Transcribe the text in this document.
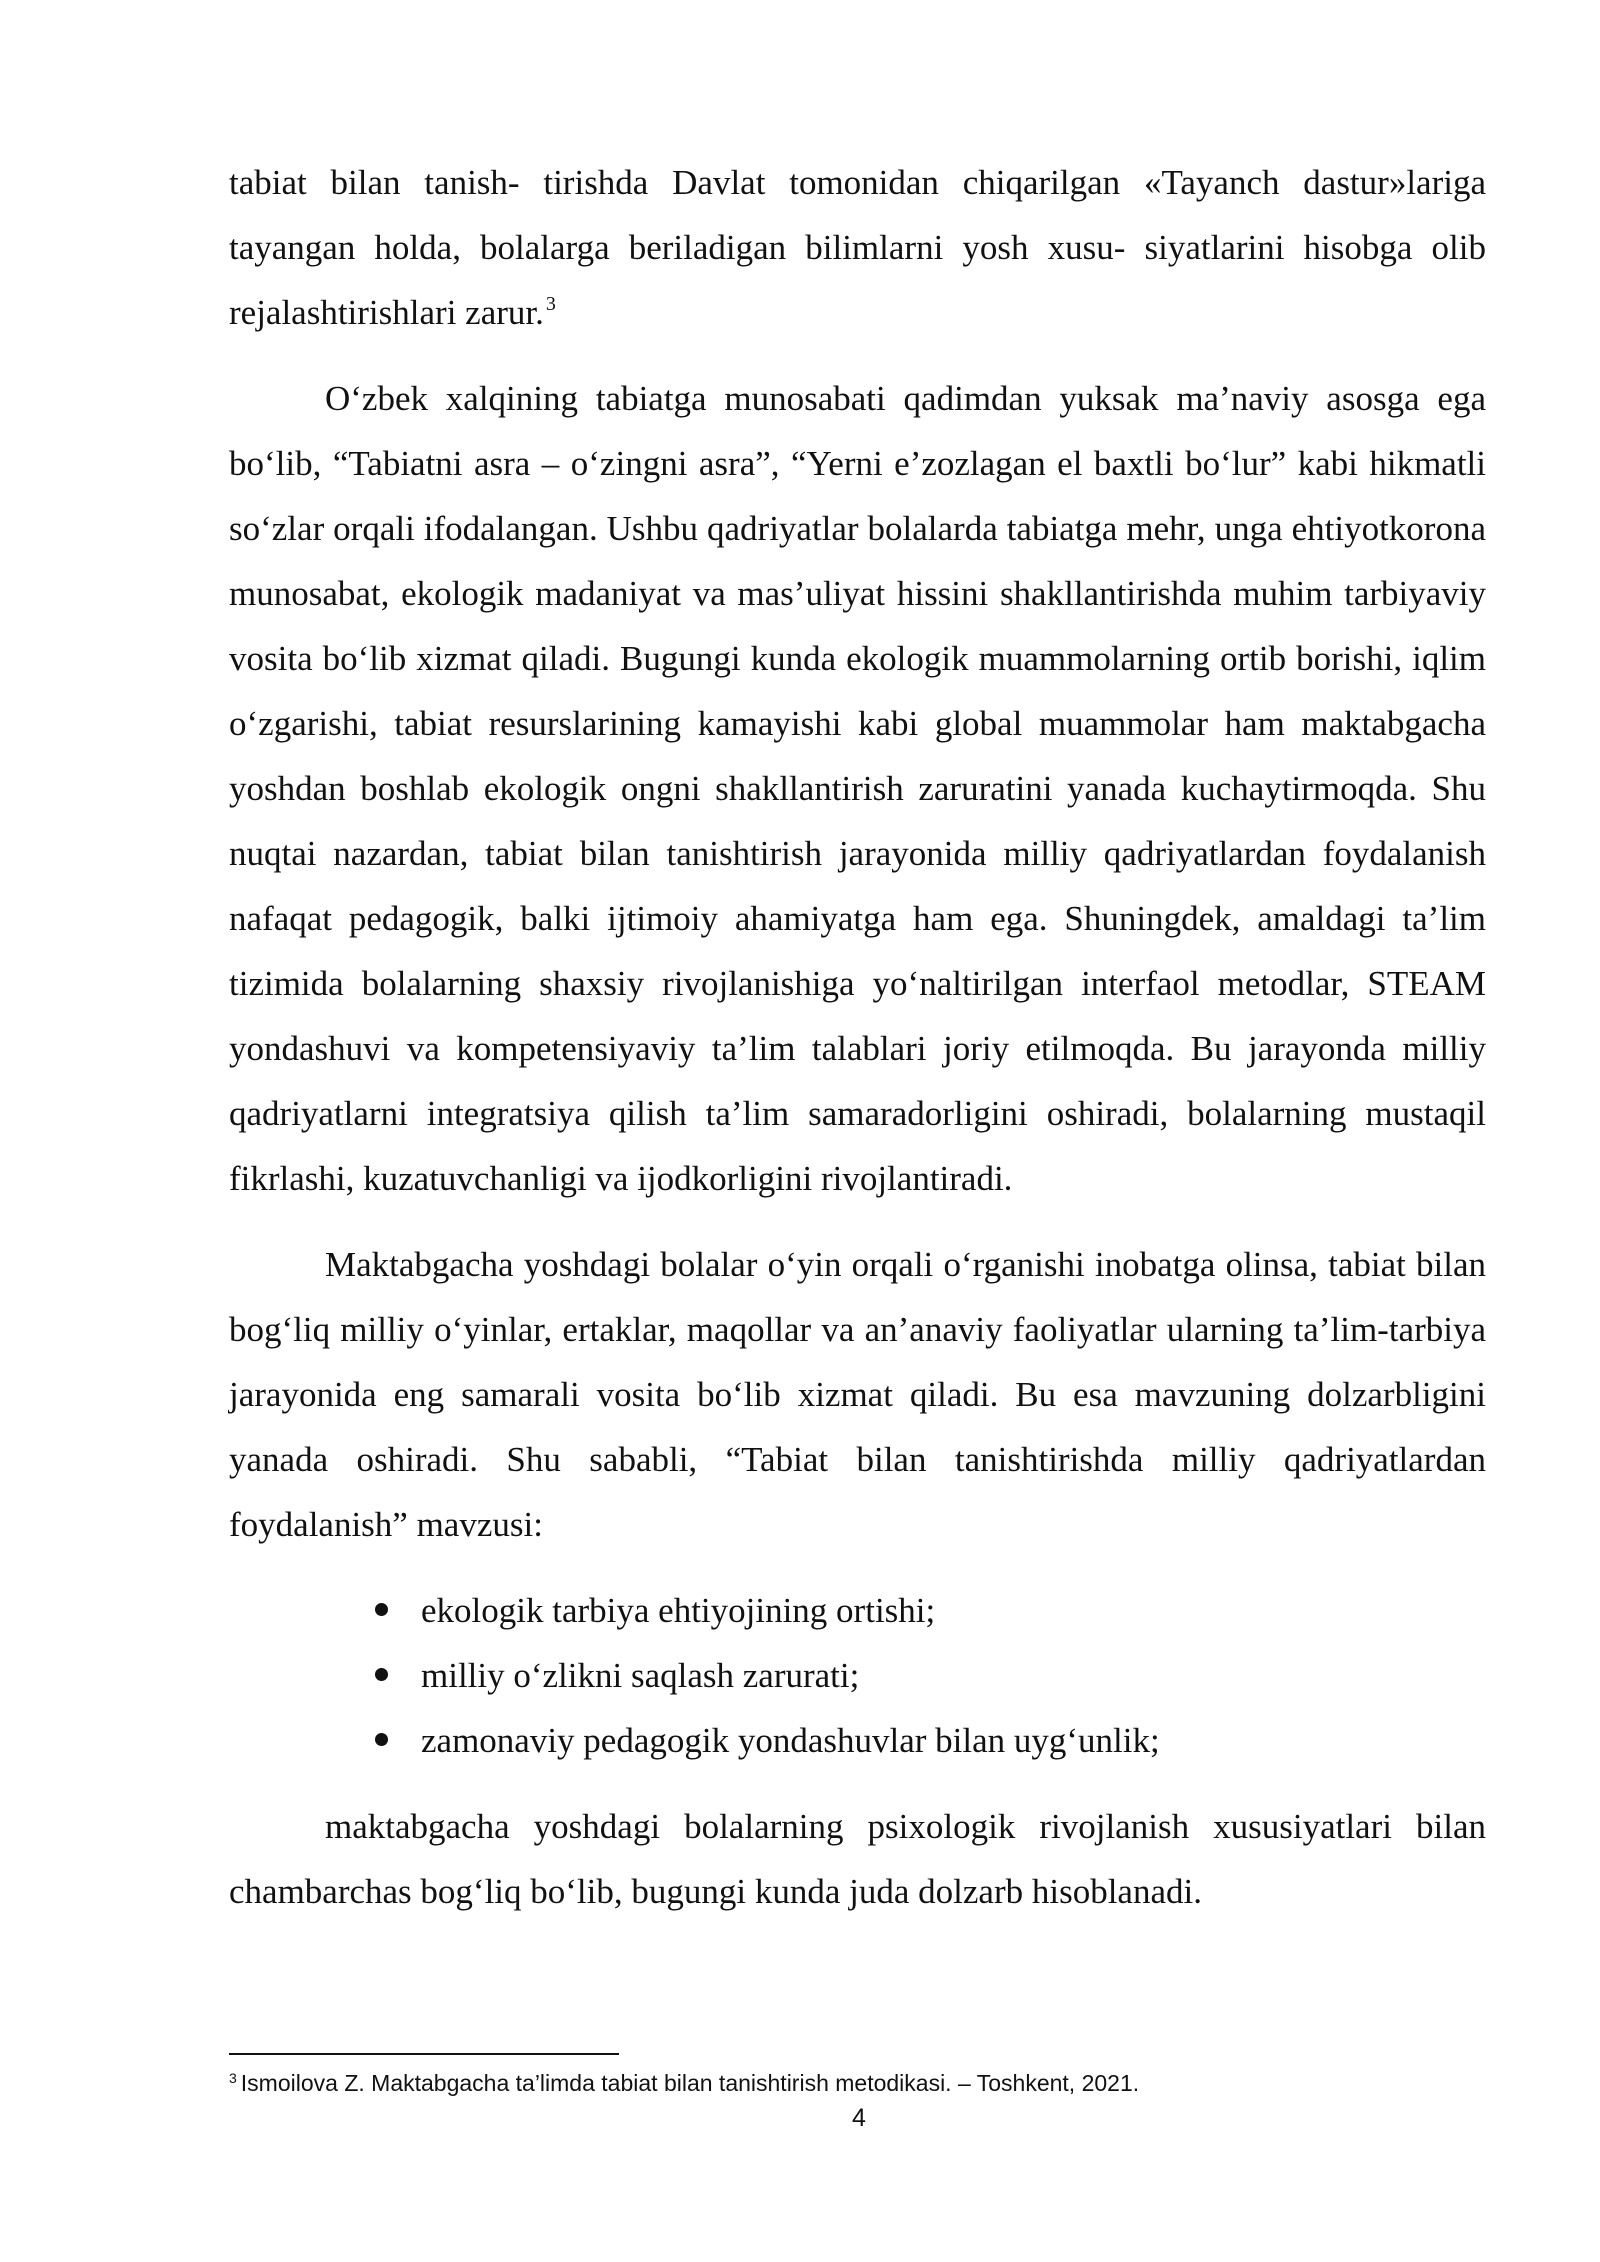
tabiat bilan tanish- tirishda Davlat tomonidan chiqarilgan «Tayanch dastur»lariga tayangan holda, bolalarga beriladigan bilimlarni yosh xusu- siyatlarini hisobga olib rejalashtirishlari zarur. $^3$

O‘zbek xalqining tabiatga munosabati qadimdan yuksak ma’naviy asosga ega bo‘lib, “Tabiatni asra – o‘zingni asra”, “Yerni e’zozlagan el baxtli bo‘lur” kabi hikmatli so‘zlar orqali ifodalangan. Ushbu qadriyatlar bolalarda tabiatga mehr, unga ehtiyotkorona munosabat, ekologik madaniyat va mas’uliyat hissini shakllantirishda muhim tarbiyaviy vosita bo‘lib xizmat qiladi. Bugungi kunda ekologik muammolarning ortib borishi, iqlim o‘zgarishi, tabiat resurslarining kamayishi kabi global muammolar ham maktabgacha yoshdan boshlab ekologik ongni shakllantirish zaruratini yanada kuchaytirmoqda. Shu nuqtai nazardan, tabiat bilan tanishtirish jarayonida milliy qadriyatlardan foydalanish nafaqat pedagogik, balki ijtimoiy ahamiyatga ham ega. Shuningdek, amaldagi ta’lim tizimida bolalarning shaxsiy rivojlanishiga yo‘naltirilgan interfaol metodlar, STEAM yondashuvi va kompetensiyaviy ta’lim talablari joriy etilmoqda. Bu jarayonda milliy qadriyatlarni integratsiya qilish ta’lim samaradorligini oshiradi, bolalarning mustaqil fikrlashi, kuzatuvchanligi va ijodkorligini rivojlantiradi.

Maktabgacha yoshdagi bolalar o‘yin orqali o‘rganishi inobatga olinsa, tabiat bilan bog‘liq milliy o‘yinlar, ertaklar, maqollar va an’anaviy faoliyatlar ularning ta’lim-tarbiya jarayonida eng samarali vosita bo‘lib xizmat qiladi. Bu esa mavzuning dolzarbligini yanada oshiradi. Shu sababli, “Tabiat bilan tanishtirishda milliy qadriyatlardan foydalanish” mavzusi:

ekologik tarbiya ehtiyojining ortishi;
milliy o‘zlikni saqlash zarurati;
zamonaviy pedagogik yondashuvlar bilan uyg‘unlik;

maktabgacha yoshdagi bolalarning psixologik rivojlanish xususiyatlari bilan chambarchas bog‘liq bo‘lib, bugungi kunda juda dolzarb hisoblanadi.

$^3$ Ismoilova Z. Maktabgacha ta’limda tabiat bilan tanishtirish metodikasi. – Toshkent, 2021.
4
